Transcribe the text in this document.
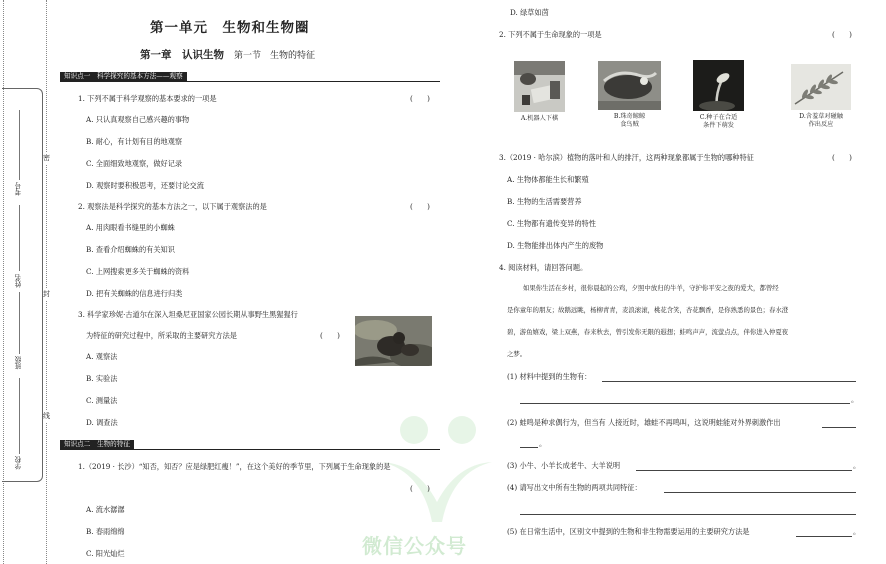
考号
姓名
班级
学校
密
封
线
微信公众号
第一单元　生物和生物圈
第一章　认识生物 第一节　生物的特征
知识点一　科学探究的基本方法——观察
1. 下列不属于科学观察的基本要求的一项是	(　　)
A. 只认真观察自己感兴趣的事物
B. 耐心，有计划有目的地观察
C. 全面细致地观察，做好记录
D. 观察时要积极思考，还要讨论交流
2. 观察法是科学探究的基本方法之一，以下属于观察法的是	(　　)
A. 用肉眼看书缝里的小蜘蛛
B. 查看介绍蜘蛛的有关知识
C. 上网搜索更多关于蜘蛛的资料
D. 把有关蜘蛛的信息进行归类
3. 科学家珍妮·古道尔在深入坦桑尼亚国家公园长期从事野生黑猩猩行
为特征的研究过程中，所采取的主要研究方法是	(　　)
A. 观察法
B. 实验法
C. 测量法
D. 调查法
知识点二　生物的特征
1.（2019 · 长沙）“知否，知否？应是绿肥红瘦！”，在这个美好的季节里，下列属于生命现象的是
(　　)
A. 流水潺潺
B. 春雨绵绵
C. 阳光灿烂
D. 绿草如茵
2. 下列不属于生命现象的一项是	(　　)
A.机器人下棋	B.珠奇鲸鲸
食鸟贼
C.种子在合适
条件下萌发
D.含羞草对碰触
作出反应
3.（2019 · 哈尔滨）植物的落叶和人的排汗，这两种现象都属于生物的哪种特征	(　　)
A. 生物体都能生长和繁殖
B. 生物的生活需要营养
C. 生物都有遗传变异的特性
D. 生物能排出体内产生的废物
4. 阅读材料，请回答问题。
如果你生活在乡村，很你晨起的公鸡，夕照中放归的牛羊，守护你平安之夜的爱犬，都曾经
是你童年的朋友；故鹅远眺，杨柳青青，麦浪滚滚，桃花含笑，杏花飘香，是你熟悉的景色；春水澄
碧，游鱼嬉戏，梁上双燕，春来秋去，曾引发你无限的遐想；蛙鸣声声，流萤点点，伴你进入仲夏夜
之梦。
(1) 材料中提到的生物有：
。
(2) 蛙鸣是种求偶行为，但当有 人接近时，雄蛙不再鸣叫，这说明蛙能对外界刺激作出
。
(3) 小牛、小羊长成老牛、大羊说明	。
(4) 请写出文中所有生物的两项共同特征：
(5) 在日常生活中，区别文中提到的生物和非生物需要运用的主要研究方法是	。
